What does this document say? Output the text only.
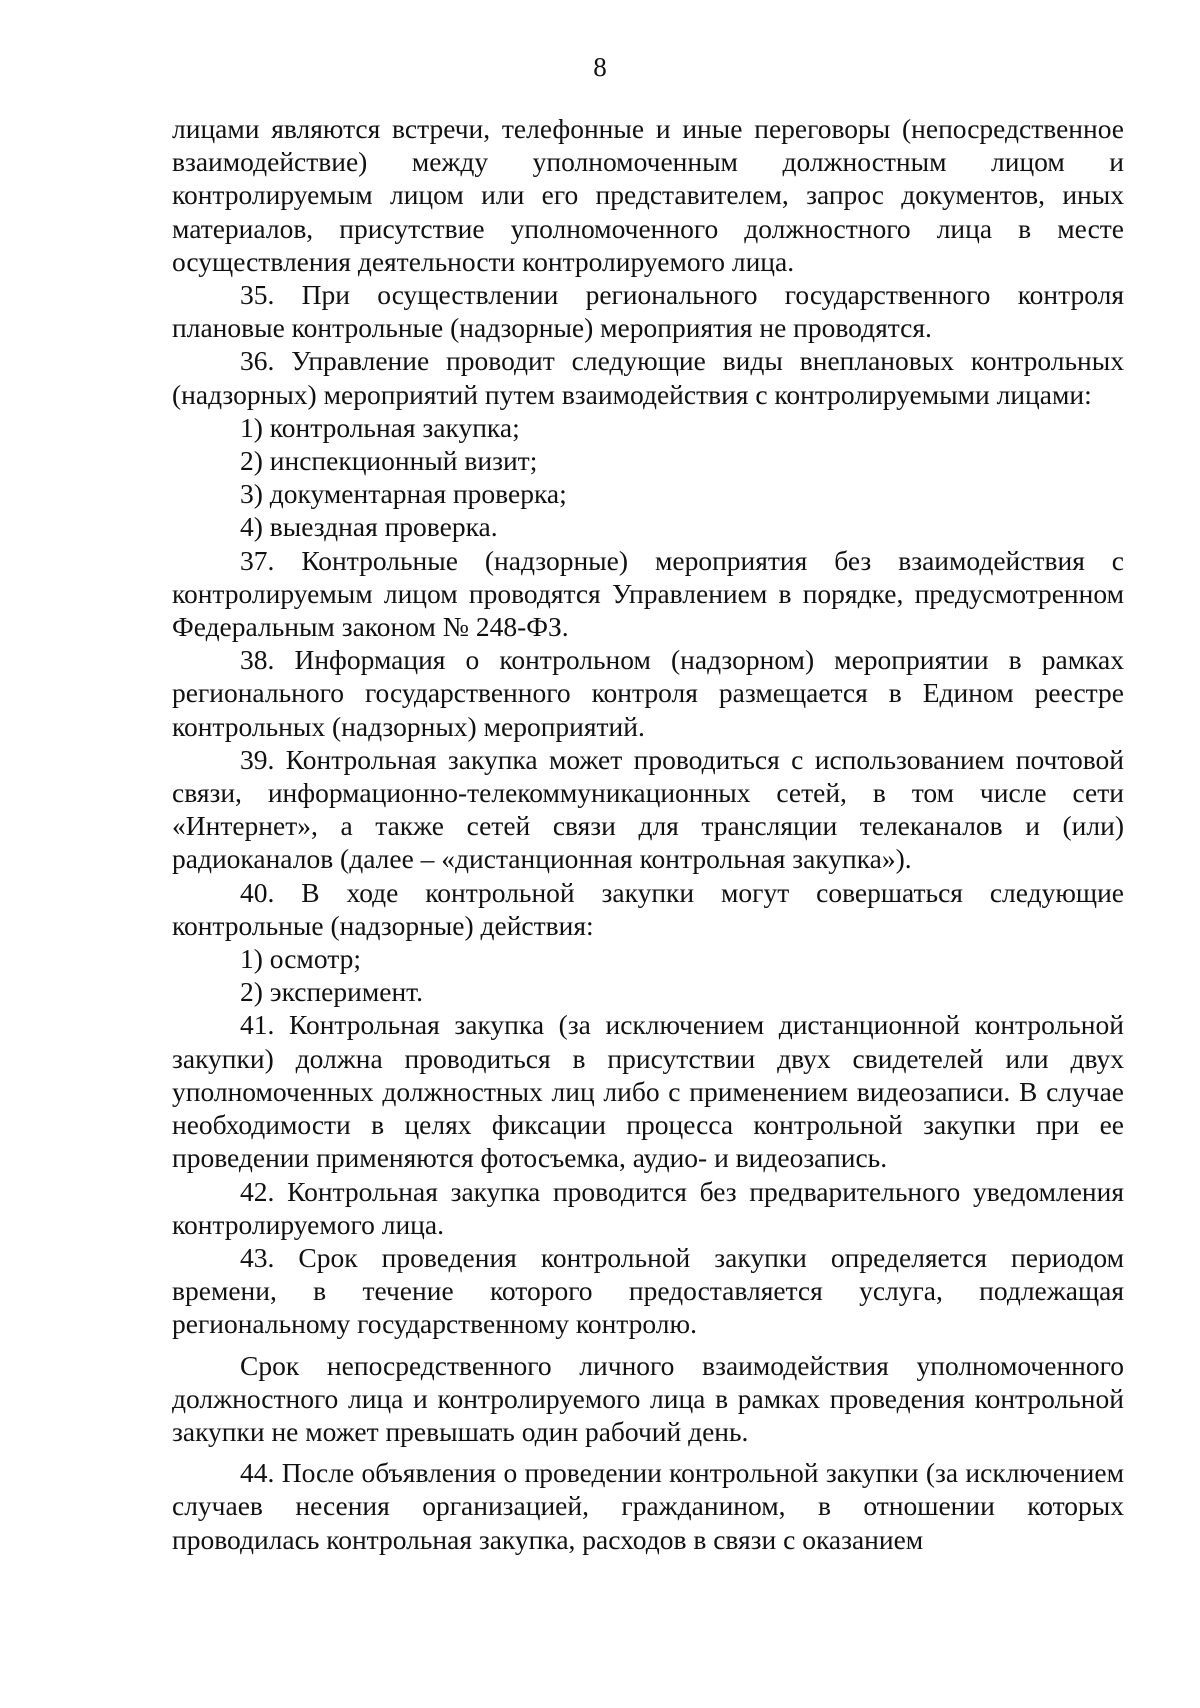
8

лицами являются встречи, телефонные и иные переговоры (непосредственное взаимодействие) между уполномоченным должностным лицом и контролируемым лицом или его представителем, запрос документов, иных материалов, присутствие уполномоченного должностного лица в месте осуществления деятельности контролируемого лица.

35. При осуществлении регионального государственного контроля плановые контрольные (надзорные) мероприятия не проводятся.

36. Управление проводит следующие виды внеплановых контрольных (надзорных) мероприятий путем взаимодействия с контролируемыми лицами:

1) контрольная закупка;

2) инспекционный визит;

3) документарная проверка;

4) выездная проверка.

37. Контрольные (надзорные) мероприятия без взаимодействия с контролируемым лицом проводятся Управлением в порядке, предусмотренном Федеральным законом № 248-ФЗ.

38. Информация о контрольном (надзорном) мероприятии в рамках регионального государственного контроля размещается в Едином реестре контрольных (надзорных) мероприятий.

39. Контрольная закупка может проводиться с использованием почтовой связи, информационно-телекоммуникационных сетей, в том числе сети «Интернет», а также сетей связи для трансляции телеканалов и (или) радиоканалов (далее – «дистанционная контрольная закупка»).

40. В ходе контрольной закупки могут совершаться следующие контрольные (надзорные) действия:

1) осмотр;

2) эксперимент.

41. Контрольная закупка (за исключением дистанционной контрольной закупки) должна проводиться в присутствии двух свидетелей или двух уполномоченных должностных лиц либо с применением видеозаписи. В случае необходимости в целях фиксации процесса контрольной закупки при ее проведении применяются фотосъемка, аудио- и видеозапись.

42. Контрольная закупка проводится без предварительного уведомления контролируемого лица.

43. Срок проведения контрольной закупки определяется периодом времени, в течение которого предоставляется услуга, подлежащая региональному государственному контролю.

Срок непосредственного личного взаимодействия уполномоченного должностного лица и контролируемого лица в рамках проведения контрольной закупки не может превышать один рабочий день.

44. После объявления о проведении контрольной закупки (за исключением случаев несения организацией, гражданином, в отношении которых проводилась контрольная закупка, расходов в связи с оказанием
